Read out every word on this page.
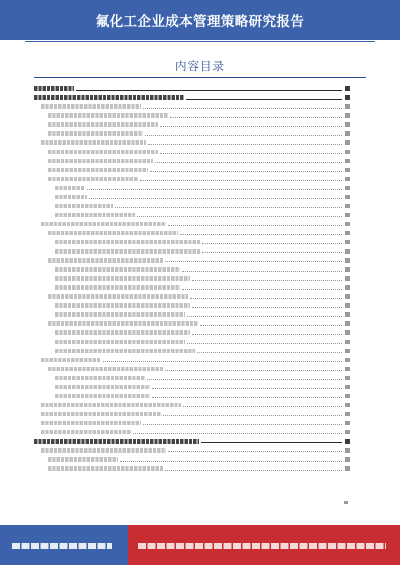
氟化工企业成本管理策略研究报告
内容目录
